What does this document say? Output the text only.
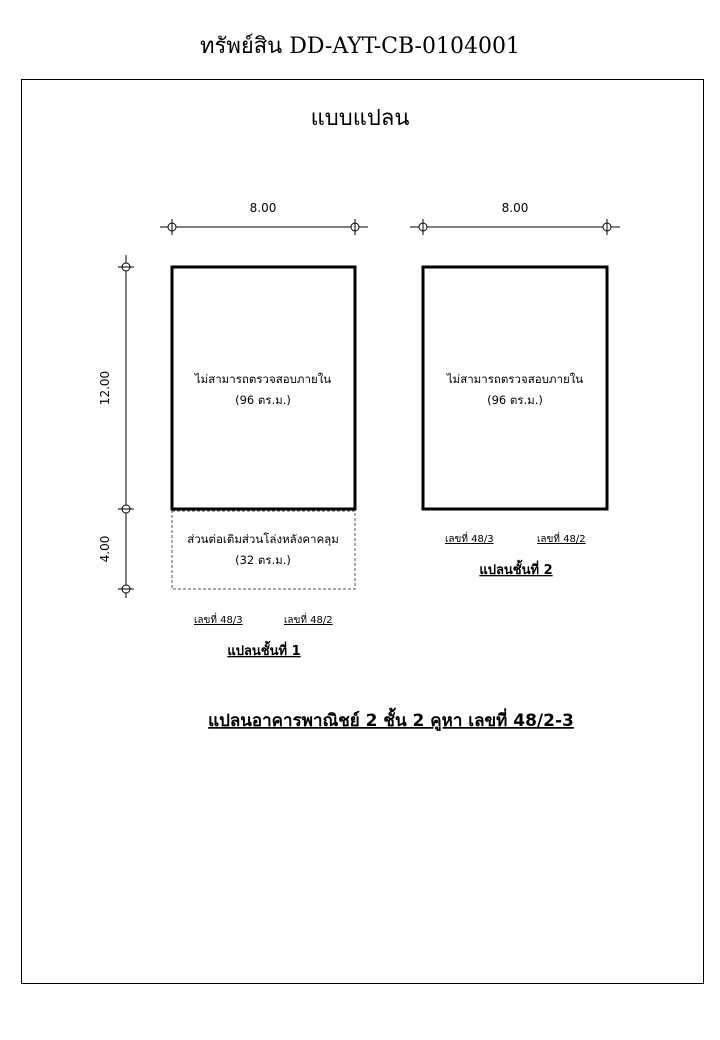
ทรัพย์สิน DD-AYT-CB-0104001
แบบแปลน
8.00
12.00
4.00
ไม่สามารถตรวจสอบภายใน
(96 ตร.ม.)
ส่วนต่อเติมส่วนโล่งหลังคาคลุม
(32 ตร.ม.)
เลขที่ 48/3	เลขที่ 48/2
แปลนชั้นที่ 1
8.00
ไม่สามารถตรวจสอบภายใน
(96 ตร.ม.)
เลขที่ 48/3	เลขที่ 48/2
แปลนชั้นที่ 2
แปลนอาคารพาณิชย์ 2 ชั้น 2 คูหา เลขที่ 48/2-3
